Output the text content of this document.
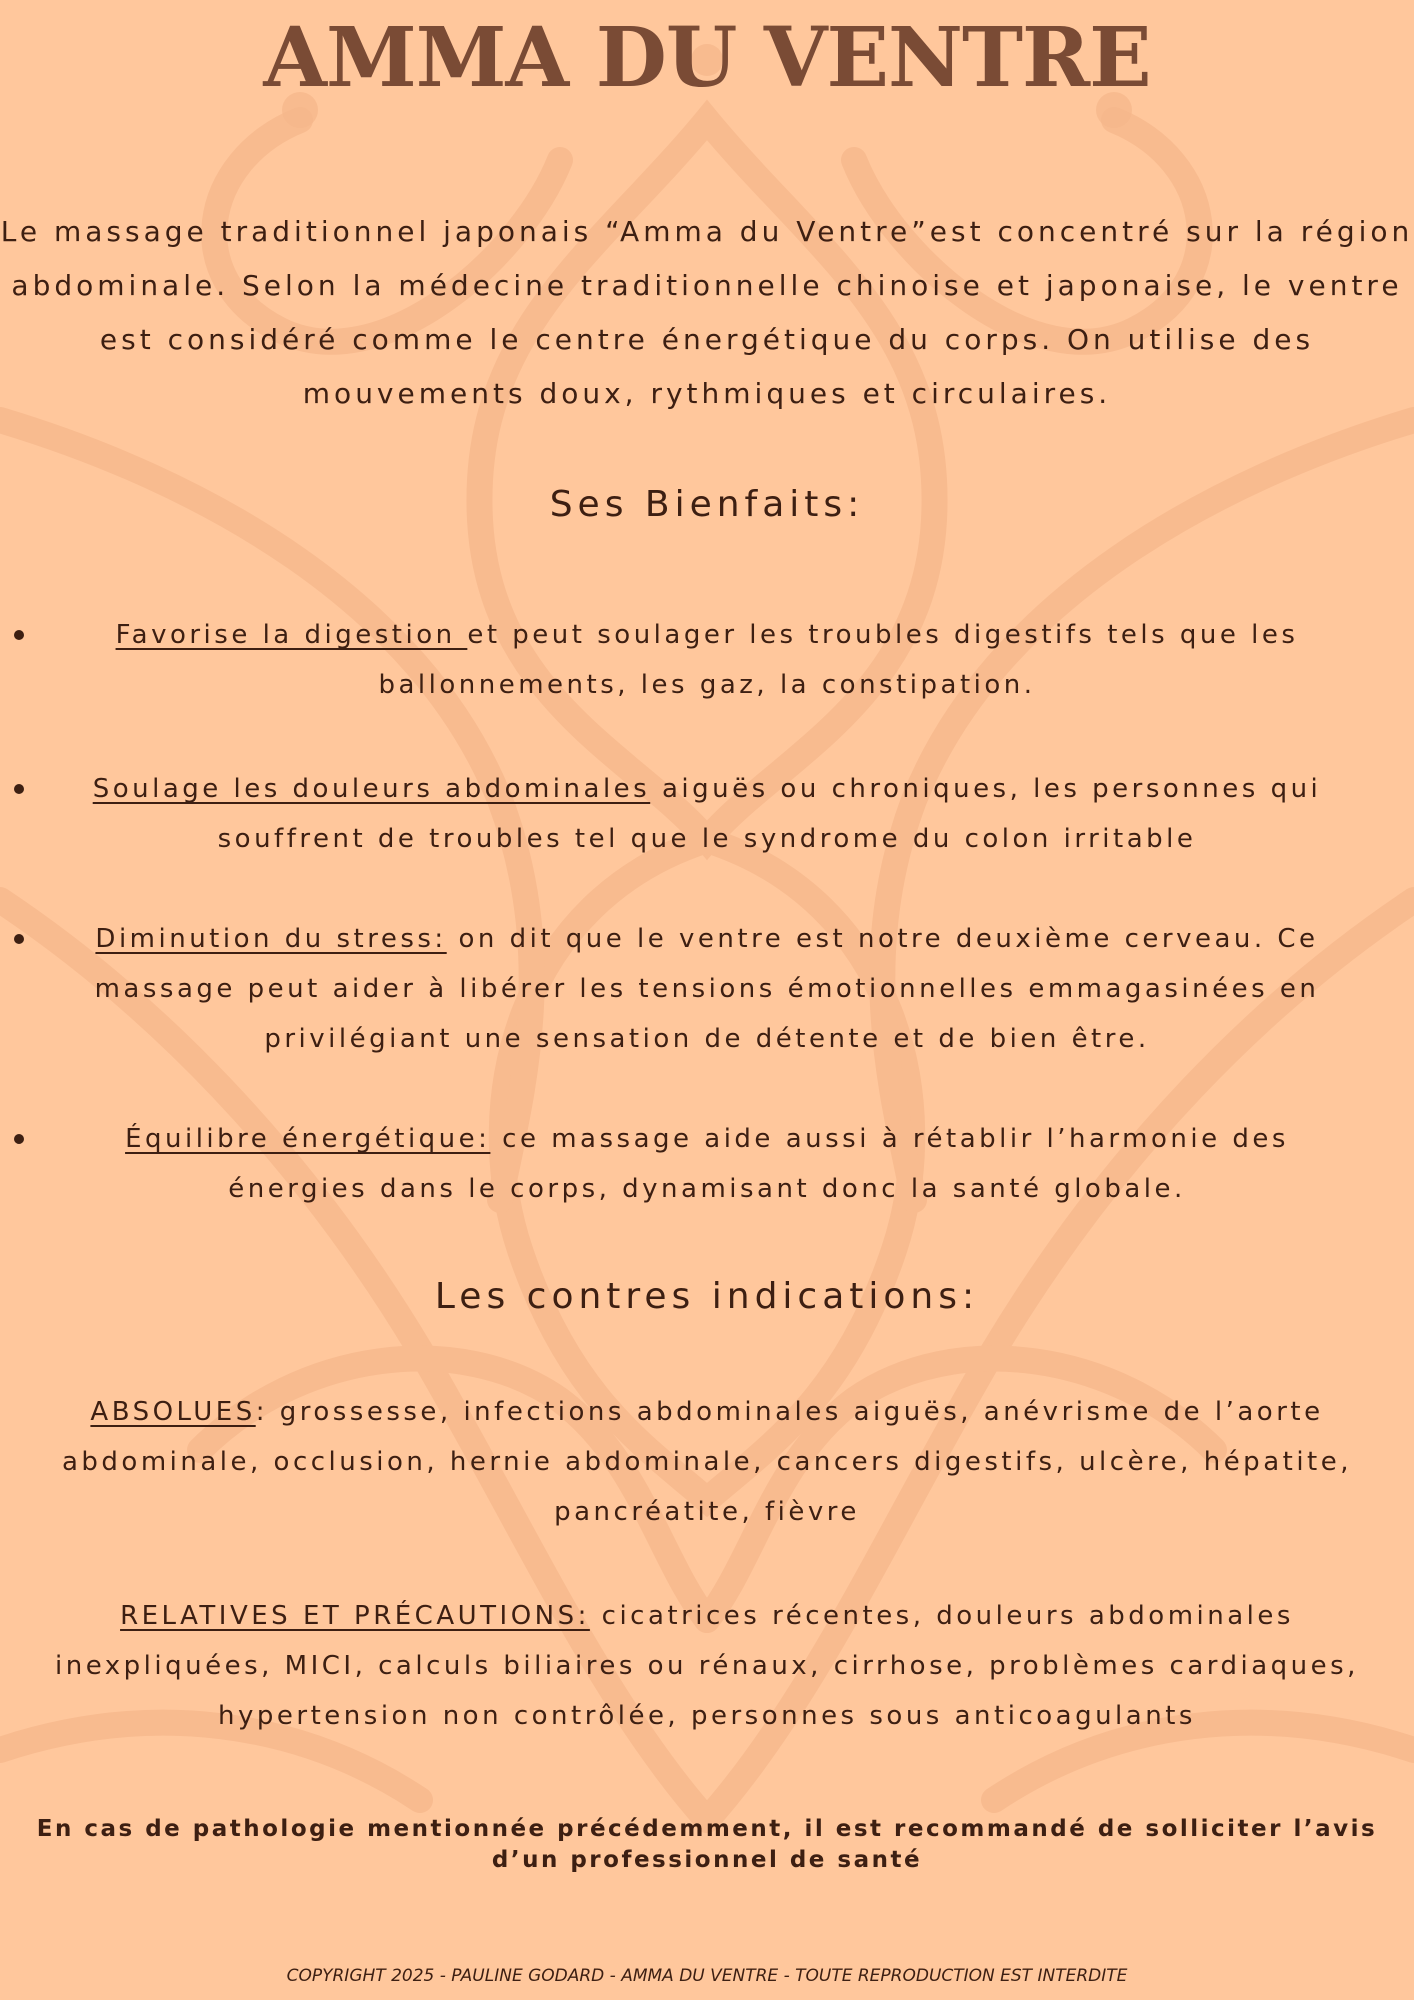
AMMA DU VENTRE

Le massage traditionnel japonais “Amma du Ventre”est concentré sur la région abdominale. Selon la médecine traditionnelle chinoise et japonaise, le ventre est considéré comme le centre énergétique du corps. On utilise des mouvements doux, rythmiques et circulaires.

Ses Bienfaits:

Favorise la digestion et peut soulager les troubles digestifs tels que les ballonnements, les gaz, la constipation.

Soulage les douleurs abdominales aiguës ou chroniques, les personnes qui souffrent de troubles tel que le syndrome du colon irritable

Diminution du stress: on dit que le ventre est notre deuxième cerveau. Ce massage peut aider à libérer les tensions émotionnelles emmagasinées en privilégiant une sensation de détente et de bien être.

Équilibre énergétique: ce massage aide aussi à rétablir l’harmonie des énergies dans le corps, dynamisant donc la santé globale.

Les contres indications:
ABSOLUES: grossesse, infections abdominales aiguës, anévrisme de l’aorte abdominale, occlusion, hernie abdominale, cancers digestifs, ulcère, hépatite, pancréatite, fièvre
RELATIVES ET PRÉCAUTIONS: cicatrices récentes, douleurs abdominales inexpliquées, MICI, calculs biliaires ou rénaux, cirrhose, problèmes cardiaques, hypertension non contrôlée, personnes sous anticoagulants

En cas de pathologie mentionnée précédemment, il est recommandé de solliciter l’avis d’un professionnel de santé

COPYRIGHT 2025 - PAULINE GODARD - AMMA DU VENTRE - TOUTE REPRODUCTION EST INTERDITE
